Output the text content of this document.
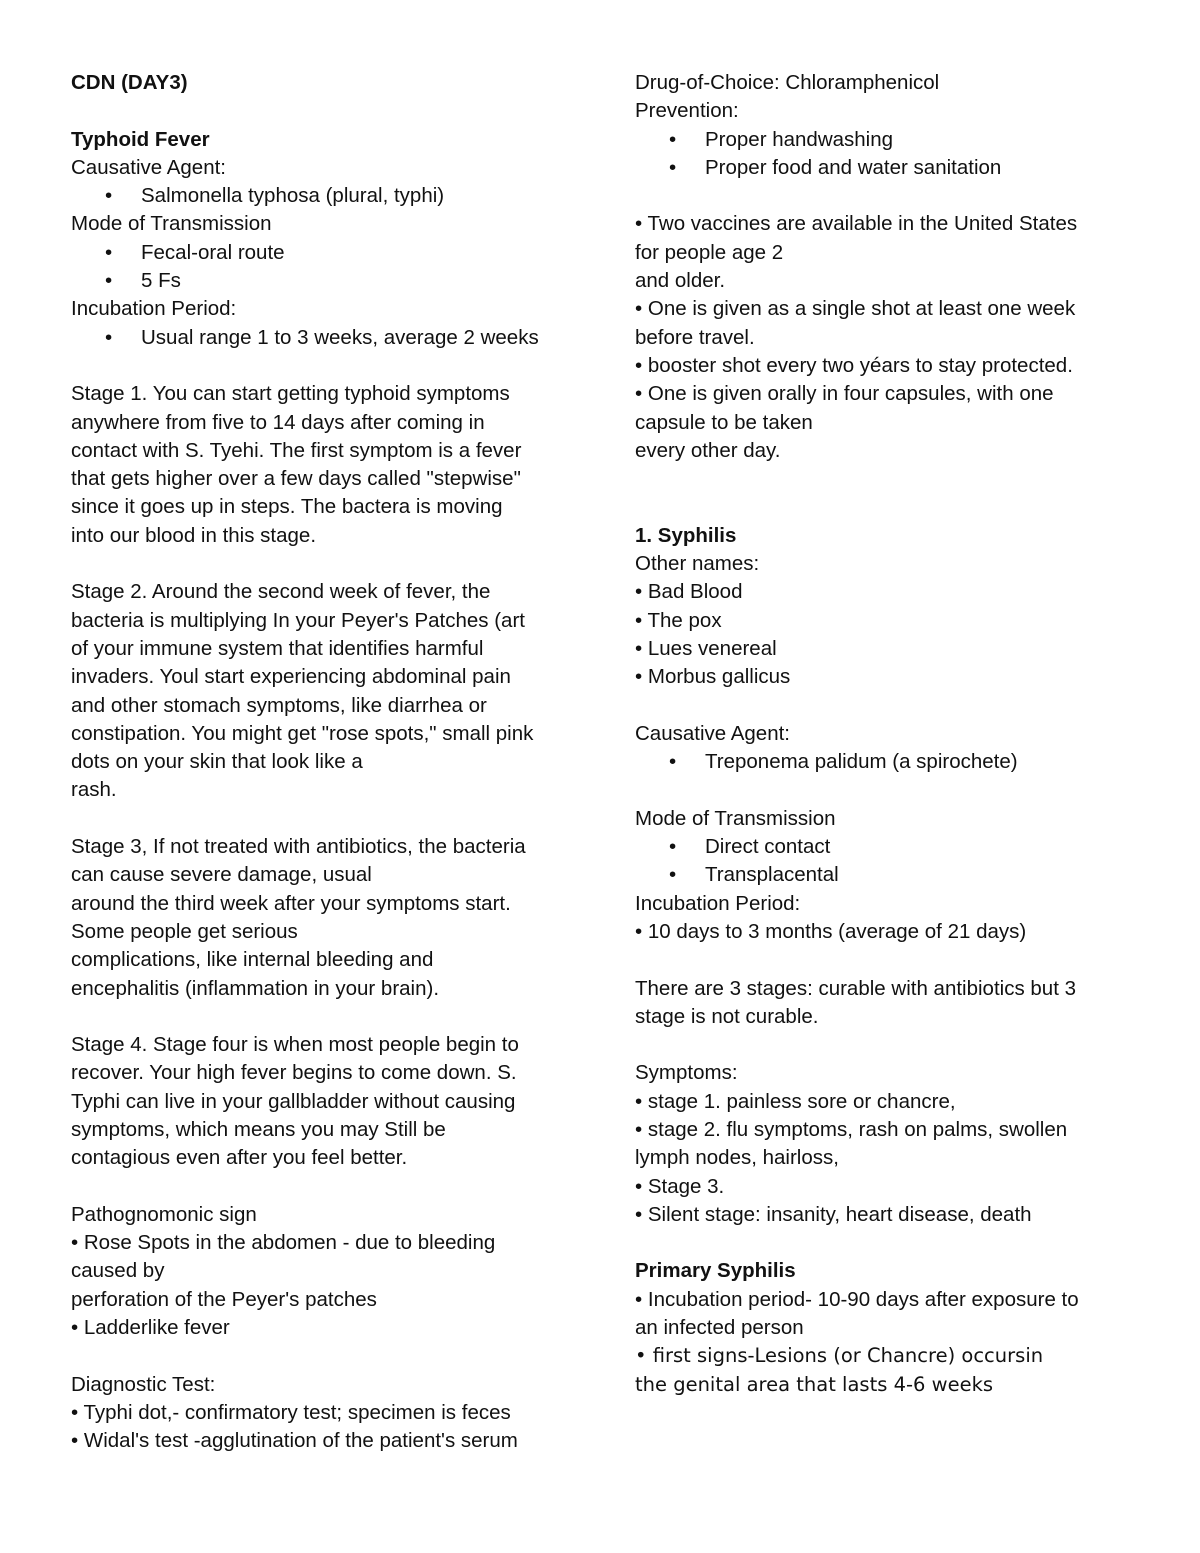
CDN (DAY3)
Typhoid Fever
Causative Agent:
• Salmonella typhosa (plural, typhi)
Mode of Transmission
• Fecal-oral route
• 5 Fs
Incubation Period:
• Usual range 1 to 3 weeks, average 2 weeks
Stage 1. You can start getting typhoid symptoms
anywhere from five to 14 days after coming in
contact with S. Tyehi. The first symptom is a fever
that gets higher over a few days called "stepwise"
since it goes up in steps. The bactera is moving
into our blood in this stage.
Stage 2. Around the second week of fever, the
bacteria is multiplying In your Peyer's Patches (art
of your immune system that identifies harmful
invaders. Youl start experiencing abdominal pain
and other stomach symptoms, like diarrhea or
constipation. You might get "rose spots," small pink
dots on your skin that look like a
rash.
Stage 3, If not treated with antibiotics, the bacteria
can cause severe damage, usual
around the third week after your symptoms start.
Some people get serious
complications, like internal bleeding and
encephalitis (inflammation in your brain).
Stage 4. Stage four is when most people begin to
recover. Your high fever begins to come down. S.
Typhi can live in your gallbladder without causing
symptoms, which means you may Still be
contagious even after you feel better.
Pathognomonic sign
• Rose Spots in the abdomen - due to bleeding
caused by
perforation of the Peyer's patches
• Ladderlike fever
Diagnostic Test:
• Typhi dot,- confirmatory test; specimen is feces
• Widal's test -agglutination of the patient's serum
Drug-of-Choice: Chloramphenicol
Prevention:
• Proper handwashing
• Proper food and water sanitation
• Two vaccines are available in the United States
for people age 2
and older.
• One is given as a single shot at least one week
before travel.
• booster shot every two yéars to stay protected.
• One is given orally in four capsules, with one
capsule to be taken
every other day.
1. Syphilis
Other names:
• Bad Blood
• The pox
• Lues venereal
• Morbus gallicus
Causative Agent:
• Treponema palidum (a spirochete)
Mode of Transmission
• Direct contact
• Transplacental
Incubation Period:
• 10 days to 3 months (average of 21 days)
There are 3 stages: curable with antibiotics but 3
stage is not curable.
Symptoms:
• stage 1. painless sore or chancre,
• stage 2. flu symptoms, rash on palms, swollen
lymph nodes, hairloss,
• Stage 3.
• Silent stage: insanity, heart disease, death
Primary Syphilis
• Incubation period- 10-90 days after exposure to
an infected person
• first signs-Lesions (or Chancre) occursin
the genital area that lasts 4-6 weeks
